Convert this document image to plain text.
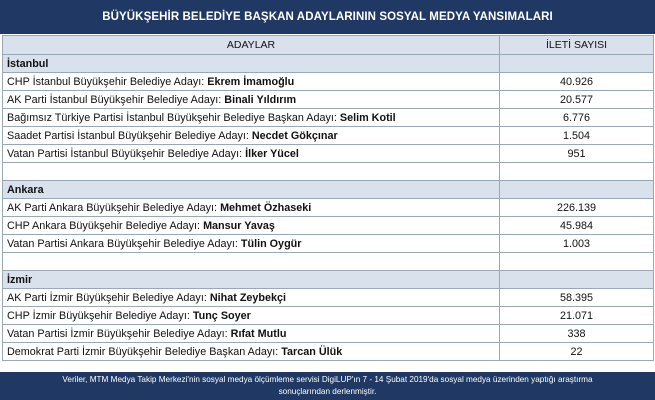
BÜYÜKŞEHİR BELEDİYE BAŞKAN ADAYLARININ SOSYAL MEDYA YANSIMALARI
ADAYLAR	İLETİ SAYISI
İstanbul	
CHP İstanbul Büyükşehir Belediye Adayı: Ekrem İmamoğlu	40.926
AK Parti İstanbul Büyükşehir Belediye Adayı: Binali Yıldırım	20.577
Bağımsız Türkiye Partisi İstanbul Büyükşehir Belediye Başkan Adayı: Selim Kotil	6.776
Saadet Partisi İstanbul Büyükşehir Belediye Adayı: Necdet Gökçınar	1.504
Vatan Partisi İstanbul Büyükşehir Belediye Adayı: İlker Yücel	951

Ankara	
AK Parti Ankara Büyükşehir Belediye Adayı: Mehmet Özhaseki	226.139
CHP Ankara Büyükşehir Belediye Adayı: Mansur Yavaş	45.984
Vatan Partisi Ankara Büyükşehir Belediye Adayı: Tülin Oygür	1.003

İzmir	
AK Parti İzmir Büyükşehir Belediye Adayı: Nihat Zeybekçi	58.395
CHP İzmir Büyükşehir Belediye Adayı: Tunç Soyer	21.071
Vatan Partisi İzmir Büyükşehir Belediye Adayı: Rıfat Mutlu	338
Demokrat Parti İzmir Büyükşehir Belediye Başkan Adayı: Tarcan Ülük	22
Veriler, MTM Medya Takip Merkezi'nin sosyal medya ölçümleme servisi DigiLUP'ın 7 - 14 Şubat 2019'da sosyal medya üzerinden yaptığı araştırma
sonuçlarından derlenmiştir.
